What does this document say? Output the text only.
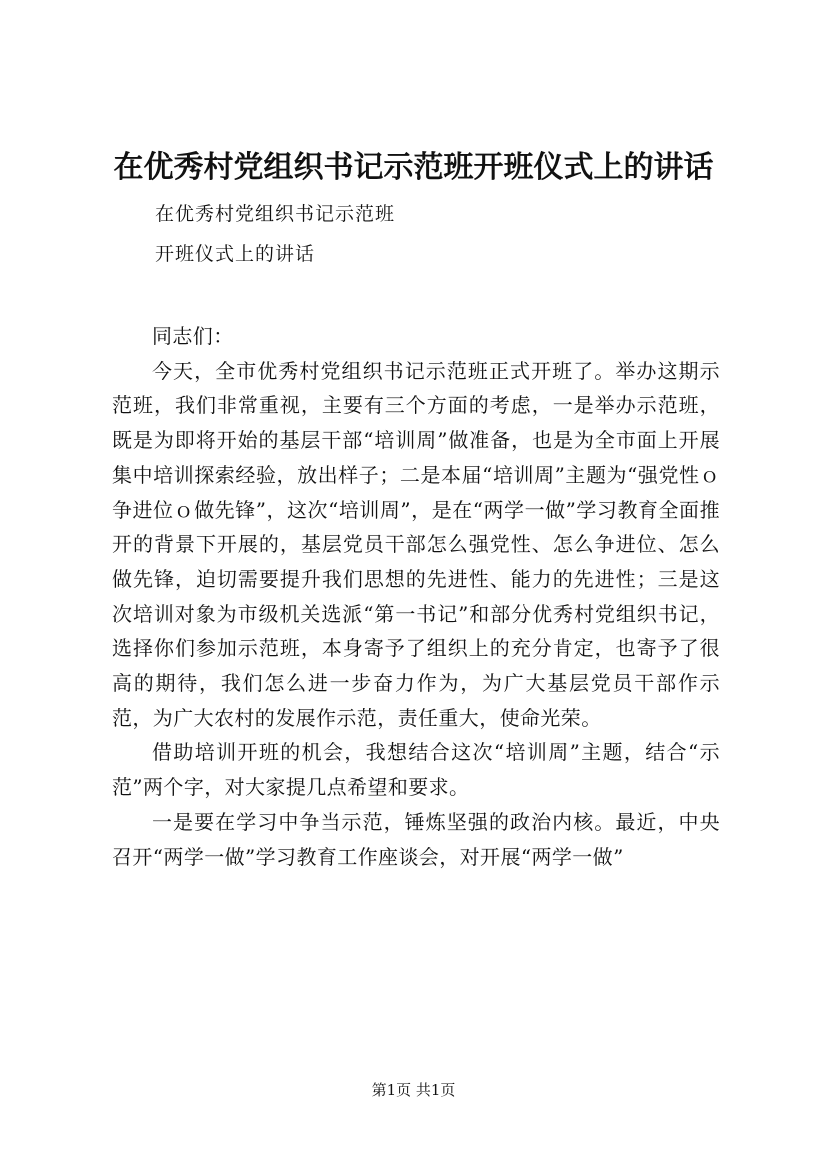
在优秀村党组织书记示范班开班仪式上的讲话
在优秀村党组织书记示范班
开班仪式上的讲话

同志们：

今天，全市优秀村党组织书记示范班正式开班了。举办这期示范班，我们非常重视，主要有三个方面的考虑，一是举办示范班，既是为即将开始的基层干部“培训周”做准备，也是为全市面上开展集中培训探索经验，放出样子；二是本届“培训周”主题为“强党性ｏ争进位ｏ做先锋”，这次“培训周”，是在“两学一做”学习教育全面推开的背景下开展的，基层党员干部怎么强党性、怎么争进位、怎么做先锋，迫切需要提升我们思想的先进性、能力的先进性；三是这次培训对象为市级机关选派“第一书记”和部分优秀村党组织书记，选择你们参加示范班，本身寄予了组织上的充分肯定，也寄予了很高的期待，我们怎么进一步奋力作为，为广大基层党员干部作示范，为广大农村的发展作示范，责任重大，使命光荣。

借助培训开班的机会，我想结合这次“培训周”主题，结合“示范”两个字，对大家提几点希望和要求。

一是要在学习中争当示范，锤炼坚强的政治内核。最近，中央召开“两学一做”学习教育工作座谈会，对开展“两学一做”

第1页 共1页
